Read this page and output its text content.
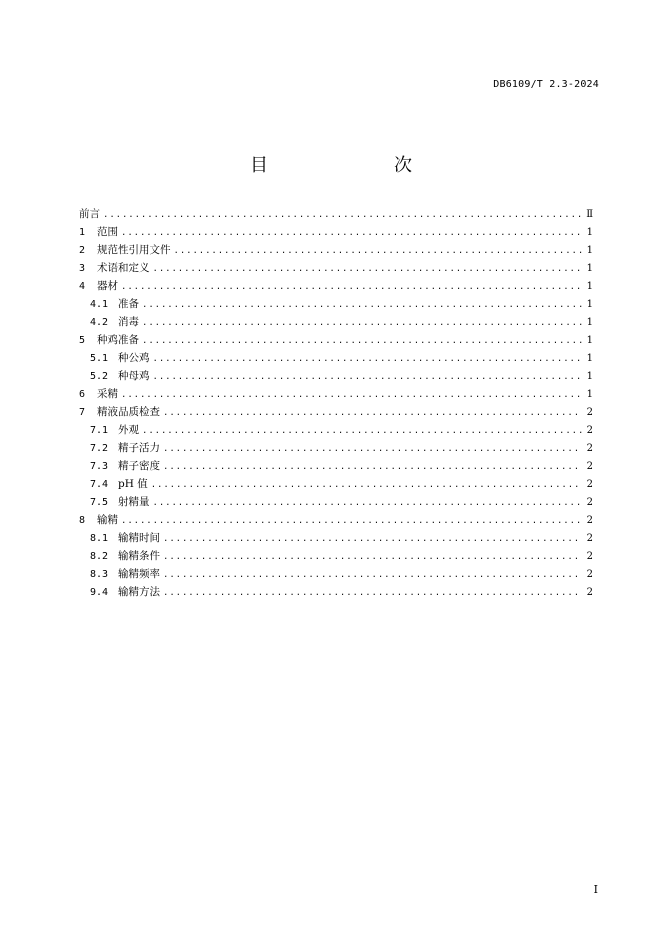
DB6109/T 2.3-2024
目　　次
前言 .....	Ⅱ
1	范围 .....	1
2	规范性引用文件 .....	1
3	术语和定义 .....	1
4	器材 .....	1
4.1 准备 .....	1
4.2 消毒 .....	1
5	种鸡准备 .....	1
5.1 种公鸡 .....	1
5.2 种母鸡 .....	1
6	采精 .....	1
7	精液品质检查 .....	2
7.1 外观 .....	2
7.2 精子活力 .....	2
7.3 精子密度 .....	2
7.4 pH 值 .....	2
7.5 射精量 .....	2
8	输精 .....	2
8.1 输精时间 .....	2
8.2 输精条件 .....	2
8.3 输精频率 .....	2
9.4 输精方法 .....	2
I
